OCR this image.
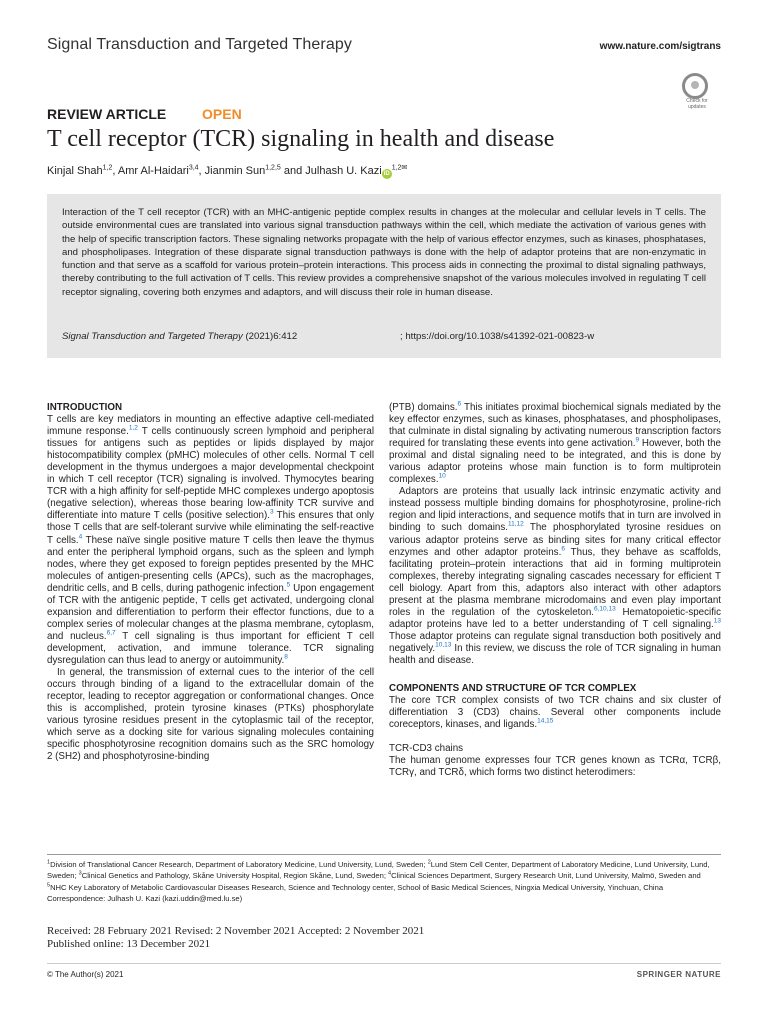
Signal Transduction and Targeted Therapy	www.nature.com/sigtrans
Check for updates
REVIEW ARTICLE	OPEN
T cell receptor (TCR) signaling in health and disease
Kinjal Shah$^{1,2}$, Amr Al-Haidari$^{3,4}$, Jianmin Sun$^{1,2,5}$ and Julhash U. Kazi $iD^{1,2✉}$
Interaction of the T cell receptor (TCR) with an MHC-antigenic peptide complex results in changes at the molecular and cellular levels in T cells. The outside environmental cues are translated into various signal transduction pathways within the cell, which mediate the activation of various genes with the help of specific transcription factors. These signaling networks propagate with the help of various effector enzymes, such as kinases, phosphatases, and phospholipases. Integration of these disparate signal transduction pathways is done with the help of adaptor proteins that are non-enzymatic in function and that serve as a scaffold for various protein–protein interactions. This process aids in connecting the proximal to distal signaling pathways, thereby contributing to the full activation of T cells. This review provides a comprehensive snapshot of the various molecules involved in regulating T cell receptor signaling, covering both enzymes and adaptors, and will discuss their role in human disease.
Signal Transduction and Targeted Therapy (2021)6:412	; https://doi.org/10.1038/s41392-021-00823-w

INTRODUCTION

T cells are key mediators in mounting an effective adaptive cell-mediated immune response.$^{1,2}$ T cells continuously screen lymphoid and peripheral tissues for antigens such as peptides or lipids displayed by major histocompatibility complex (pMHC) molecules of other cells. Normal T cell development in the thymus undergoes a major developmental checkpoint in which T cell receptor (TCR) signaling is involved. Thymocytes bearing TCR with a high affinity for self-peptide MHC complexes undergo apoptosis (negative selection), whereas those bearing low-affinity TCR survive and differentiate into mature T cells (positive selection).$^3$ This ensures that only those T cells that are self-tolerant survive while eliminating the self-reactive T cells.$^4$ These naïve single positive mature T cells then leave the thymus and enter the peripheral lymphoid organs, such as the spleen and lymph nodes, where they get exposed to foreign peptides presented by the MHC molecules of antigen-presenting cells (APCs), such as the macrophages, dendritic cells, and B cells, during pathogenic infection.$^5$ Upon engagement of TCR with the antigenic peptide, T cells get activated, undergoing clonal expansion and differentiation to perform their effector functions, due to a complex series of molecular changes at the plasma membrane, cytoplasm, and nucleus.$^{6,7}$ T cell signaling is thus important for efficient T cell development, activation, and immune tolerance. TCR signaling dysregulation can thus lead to anergy or autoimmunity.$^8$

In general, the transmission of external cues to the interior of the cell occurs through binding of a ligand to the extracellular domain of the receptor, leading to receptor aggregation or conformational changes. Once this is accomplished, protein tyrosine kinases (PTKs) phosphorylate various tyrosine residues present in the cytoplasmic tail of the receptor, which serve as a docking site for various signaling molecules containing specific phosphotyrosine recognition domains such as the SRC homology 2 (SH2) and phosphotyrosine-binding

(PTB) domains.$^6$ This initiates proximal biochemical signals mediated by the key effector enzymes, such as kinases, phosphatases, and phospholipases, that culminate in distal signaling by activating numerous transcription factors required for translating these events into gene activation.$^9$ However, both the proximal and distal signaling need to be integrated, and this is done by various adaptor proteins whose main function is to form multiprotein complexes.$^{10}$

Adaptors are proteins that usually lack intrinsic enzymatic activity and instead possess multiple binding domains for phosphotyrosine, proline-rich region and lipid interactions, and sequence motifs that in turn are involved in binding to such domains.$^{11,12}$ The phosphorylated tyrosine residues on various adaptor proteins serve as binding sites for many critical effector enzymes and other adaptor proteins.$^6$ Thus, they behave as scaffolds, facilitating protein–protein interactions that aid in forming multiprotein complexes, thereby integrating signaling cascades necessary for efficient T cell biology. Apart from this, adaptors also interact with other adaptors present at the plasma membrane microdomains and even play important roles in the regulation of the cytoskeleton.$^{6,10,13}$ Hematopoietic-specific adaptor proteins have led to a better understanding of T cell signaling.$^{13}$ Those adaptor proteins can regulate signal transduction both positively and negatively.$^{10,13}$ In this review, we discuss the role of TCR signaling in human health and disease.

COMPONENTS AND STRUCTURE OF TCR COMPLEX

The core TCR complex consists of two TCR chains and six cluster of differentiation 3 (CD3) chains. Several other components include coreceptors, kinases, and ligands.$^{14,15}$

TCR-CD3 chains

The human genome expresses four TCR genes known as TCRα, TCRβ, TCRγ, and TCRδ, which forms two distinct heterodimers:

$^1$Division of Translational Cancer Research, Department of Laboratory Medicine, Lund University, Lund, Sweden; $^2$Lund Stem Cell Center, Department of Laboratory Medicine, Lund University, Lund, Sweden; $^3$Clinical Genetics and Pathology, Skåne University Hospital, Region Skåne, Lund, Sweden; $^4$Clinical Sciences Department, Surgery Research Unit, Lund University, Malmö, Sweden and $^5$NHC Key Laboratory of Metabolic Cardiovascular Diseases Research, Science and Technology center, School of Basic Medical Sciences, Ningxia Medical University, Yinchuan, China
Correspondence: Julhash U. Kazi (kazi.uddin@med.lu.se)
Received: 28 February 2021 Revised: 2 November 2021 Accepted: 2 November 2021
Published online: 13 December 2021
© The Author(s) 2021	SPRINGER NATURE
